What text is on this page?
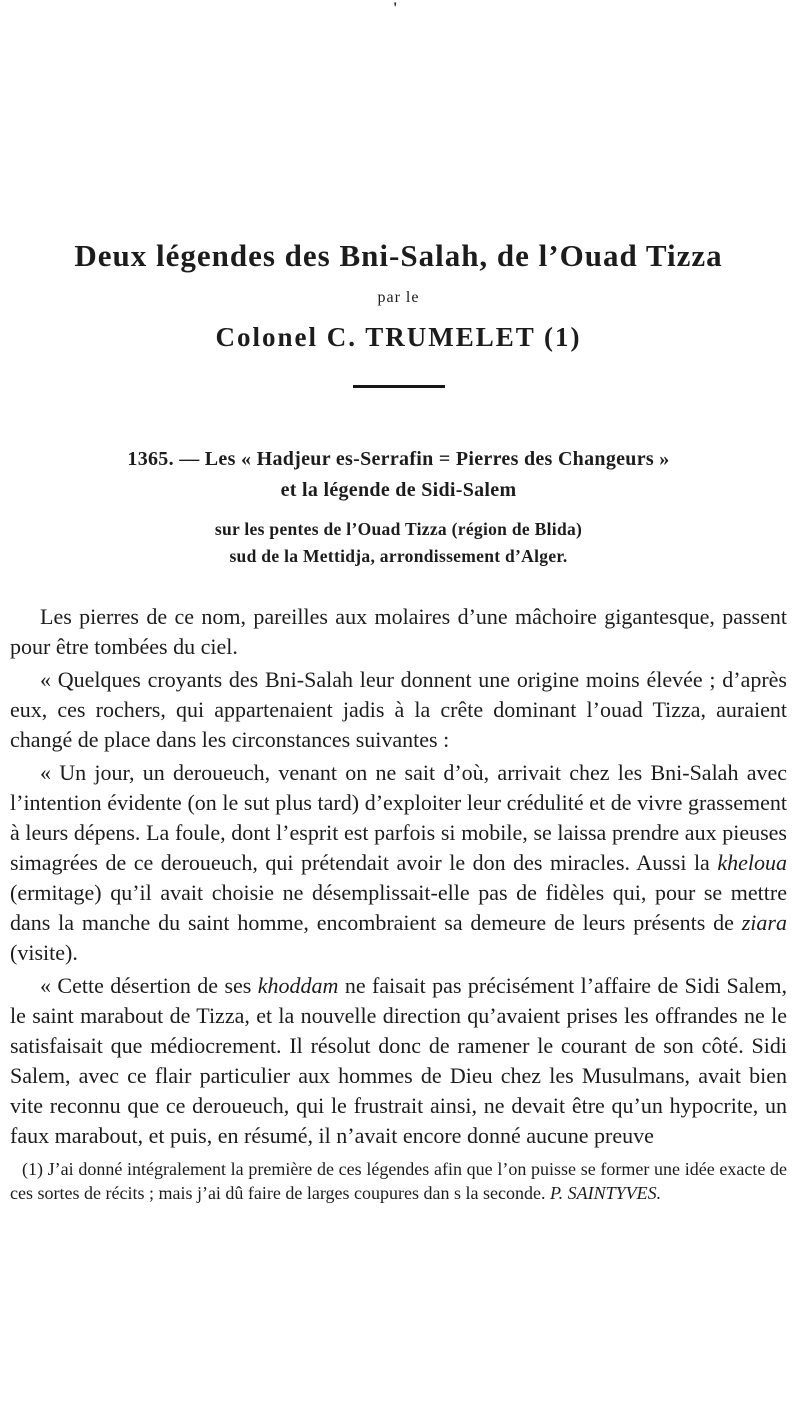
'
Deux légendes des Bni-Salah, de l’Ouad Tizza
par le
Colonel C. TRUMELET (1)
1365. — Les « Hadjeur es-Serrafin = Pierres des Changeurs »
et la légende de Sidi-Salem
sur les pentes de l’Ouad Tizza (région de Blida)
sud de la Mettidja, arrondissement d’Alger.

Les pierres de ce nom, pareilles aux molaires d’une mâchoire gigantesque, passent pour être tombées du ciel.

« Quelques croyants des Bni-Salah leur donnent une origine moins élevée ; d’après eux, ces rochers, qui appartenaient jadis à la crête dominant l’ouad Tizza, auraient changé de place dans les circonstances suivantes :

« Un jour, un deroueuch, venant on ne sait d’où, arrivait chez les Bni-Salah avec l’intention évidente (on le sut plus tard) d’exploiter leur crédulité et de vivre grassement à leurs dépens. La foule, dont l’esprit est parfois si mobile, se laissa prendre aux pieuses simagrées de ce deroueuch, qui prétendait avoir le don des miracles. Aussi la kheloua (ermitage) qu’il avait choisie ne désemplissait-elle pas de fidèles qui, pour se mettre dans la manche du saint homme, encombraient sa demeure de leurs présents de ziara (visite).

« Cette désertion de ses khoddam ne faisait pas précisément l’affaire de Sidi Salem, le saint marabout de Tizza, et la nouvelle direction qu’avaient prises les offrandes ne le satisfaisait que médiocrement. Il résolut donc de ramener le courant de son côté. Sidi Salem, avec ce flair particulier aux hommes de Dieu chez les Musulmans, avait bien vite reconnu que ce deroueuch, qui le frustrait ainsi, ne devait être qu’un hypocrite, un faux marabout, et puis, en résumé, il n’avait encore donné aucune preuve

(1) J’ai donné intégralement la première de ces légendes afin que l’on puisse se former une idée exacte de ces sortes de récits ; mais j’ai dû faire de larges coupures dan s la seconde. P. SAINTYVES.
